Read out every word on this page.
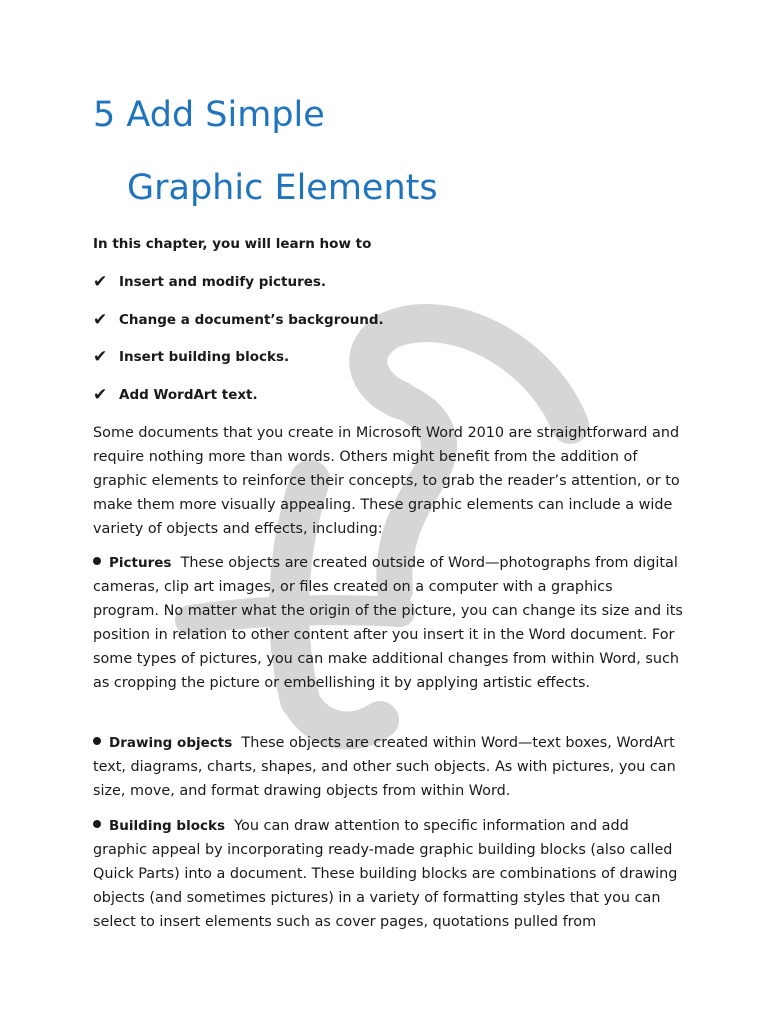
5 Add Simple
Graphic Elements

In this chapter, you will learn how to

✔ Insert and modify pictures.
✔ Change a document’s background.
✔ Insert building blocks.
✔ Add WordArt text.

Some documents that you create in Microsoft Word 2010 are straightforward and require nothing more than words. Others might benefit from the addition of graphic elements to reinforce their concepts, to grab the reader’s attention, or to make them more visually appealing. These graphic elements can include a wide variety of objects and effects, including:

Pictures These objects are created outside of Word—photographs from digital cameras, clip art images, or files created on a computer with a graphics program. No matter what the origin of the picture, you can change its size and its position in relation to other content after you insert it in the Word document. For some types of pictures, you can make additional changes from within Word, such as cropping the picture or embellishing it by applying artistic effects.

Drawing objects These objects are created within Word—text boxes, WordArt text, diagrams, charts, shapes, and other such objects. As with pictures, you can size, move, and format drawing objects from within Word.

Building blocks You can draw attention to specific information and add graphic appeal by incorporating ready-made graphic building blocks (also called Quick Parts) into a document. These building blocks are combinations of drawing objects (and sometimes pictures) in a variety of formatting styles that you can select to insert elements such as cover pages, quotations pulled from
